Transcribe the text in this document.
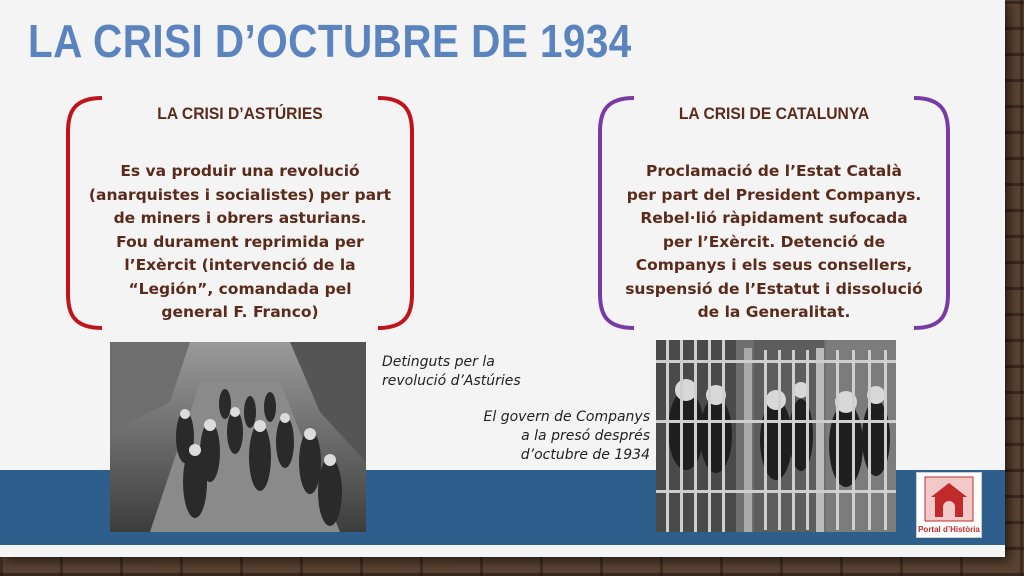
LA CRISI D’OCTUBRE DE 1934
LA CRISI D’ASTÚRIES
Es va produir una revolució
(anarquistes i socialistes) per part
de miners i obrers asturians.
Fou durament reprimida per
l’Exèrcit (intervenció de la
“Legión”, comandada pel
general F. Franco)
LA CRISI DE CATALUNYA
Proclamació de l’Estat Català
per part del President Companys.
Rebel·lió ràpidament sufocada
per l’Exèrcit. Detenció de
Companys i els seus consellers,
suspensió de l’Estatut i dissolució
de la Generalitat.
Detinguts per la
revolució d’Astúries
El govern de Companys
a la presó després
d’octubre de 1934
Portal d’Història
